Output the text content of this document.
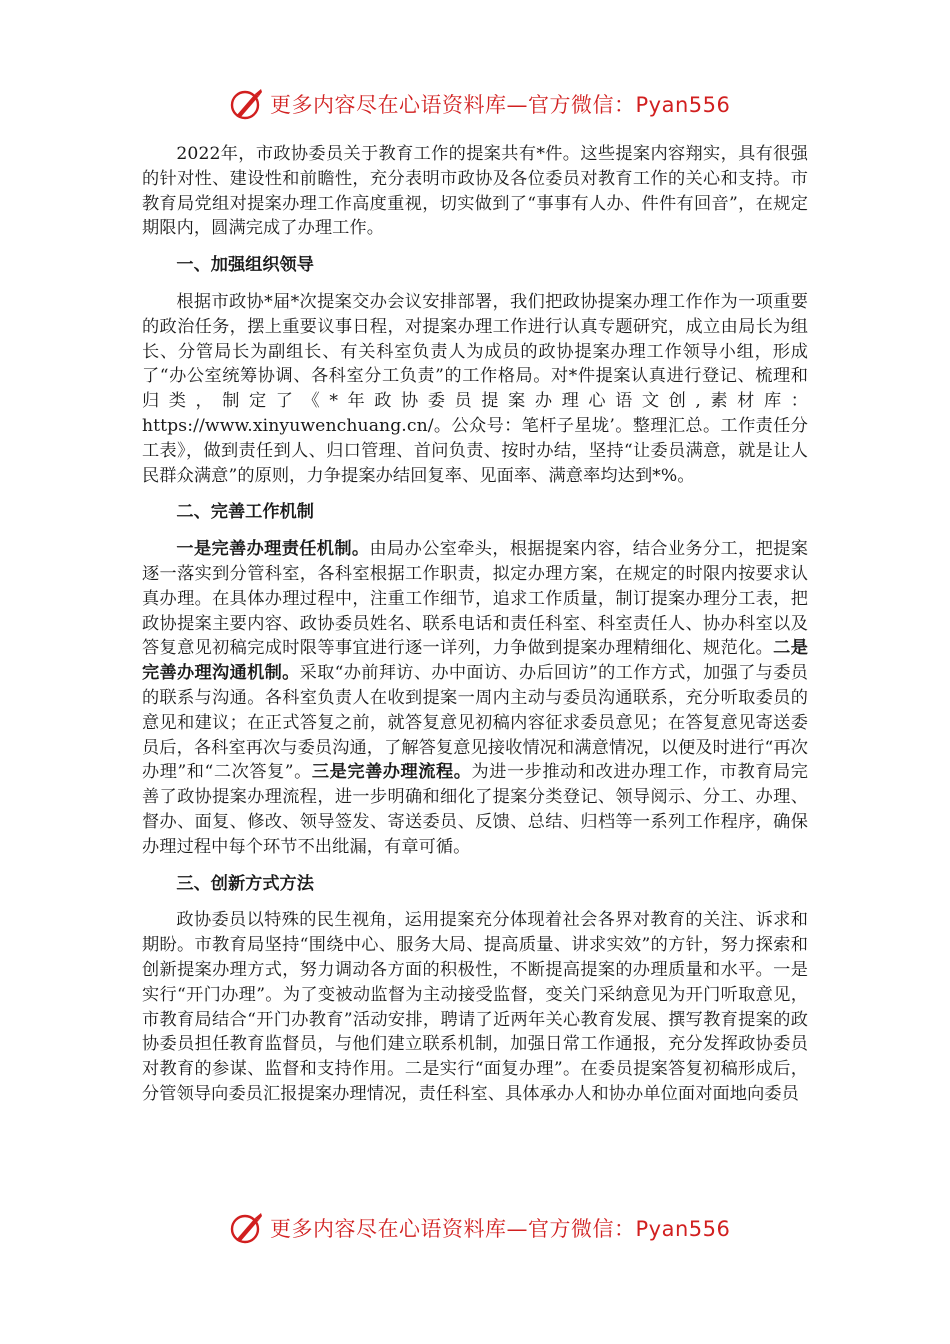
更多内容尽在心语资料库—官方微信：Pyan556

2022年，市政协委员关于教育工作的提案共有*件。这些提案内容翔实，具有很强的针对性、建设性和前瞻性，充分表明市政协及各位委员对教育工作的关心和支持。市教育局党组对提案办理工作高度重视，切实做到了“事事有人办、件件有回音”，在规定期限内，圆满完成了办理工作。

一、加强组织领导

根据市政协*届*次提案交办会议安排部署，我们把政协提案办理工作作为一项重要的政治任务，摆上重要议事日程，对提案办理工作进行认真专题研究，成立由局长为组长、分管局长为副组长、有关科室负责人为成员的政协提案办理工作领导小组，形成了“办公室统筹协调、各科室分工负责”的工作格局。对*件提案认真进行登记、梳理和归类，制定了《*年政协委员提案办理心语文创,素材库：https://www.xinyuwenchuang.cn/。公众号：笔杆子星垅’。整理汇总。工作责任分工表》，做到责任到人、归口管理、首问负责、按时办结，坚持“让委员满意，就是让人民群众满意”的原则，力争提案办结回复率、见面率、满意率均达到*%。

二、完善工作机制

一是完善办理责任机制。由局办公室牵头，根据提案内容，结合业务分工，把提案逐一落实到分管科室，各科室根据工作职责，拟定办理方案，在规定的时限内按要求认真办理。在具体办理过程中，注重工作细节，追求工作质量，制订提案办理分工表，把政协提案主要内容、政协委员姓名、联系电话和责任科室、科室责任人、协办科室以及答复意见初稿完成时限等事宜进行逐一详列，力争做到提案办理精细化、规范化。二是完善办理沟通机制。采取“办前拜访、办中面访、办后回访”的工作方式，加强了与委员的联系与沟通。各科室负责人在收到提案一周内主动与委员沟通联系，充分听取委员的意见和建议；在正式答复之前，就答复意见初稿内容征求委员意见；在答复意见寄送委员后，各科室再次与委员沟通，了解答复意见接收情况和满意情况，以便及时进行“再次办理”和“二次答复”。三是完善办理流程。为进一步推动和改进办理工作，市教育局完善了政协提案办理流程，进一步明确和细化了提案分类登记、领导阅示、分工、办理、督办、面复、修改、领导签发、寄送委员、反馈、总结、归档等一系列工作程序，确保办理过程中每个环节不出纰漏，有章可循。

三、创新方式方法

政协委员以特殊的民生视角，运用提案充分体现着社会各界对教育的关注、诉求和期盼。市教育局坚持“围绕中心、服务大局、提高质量、讲求实效”的方针，努力探索和创新提案办理方式，努力调动各方面的积极性，不断提高提案的办理质量和水平。一是实行“开门办理”。为了变被动监督为主动接受监督，变关门采纳意见为开门听取意见，市教育局结合“开门办教育”活动安排，聘请了近两年关心教育发展、撰写教育提案的政协委员担任教育监督员，与他们建立联系机制，加强日常工作通报，充分发挥政协委员对教育的参谋、监督和支持作用。二是实行“面复办理”。在委员提案答复初稿形成后，分管领导向委员汇报提案办理情况，责任科室、具体承办人和协办单位面对面地向委员

更多内容尽在心语资料库—官方微信：Pyan556
